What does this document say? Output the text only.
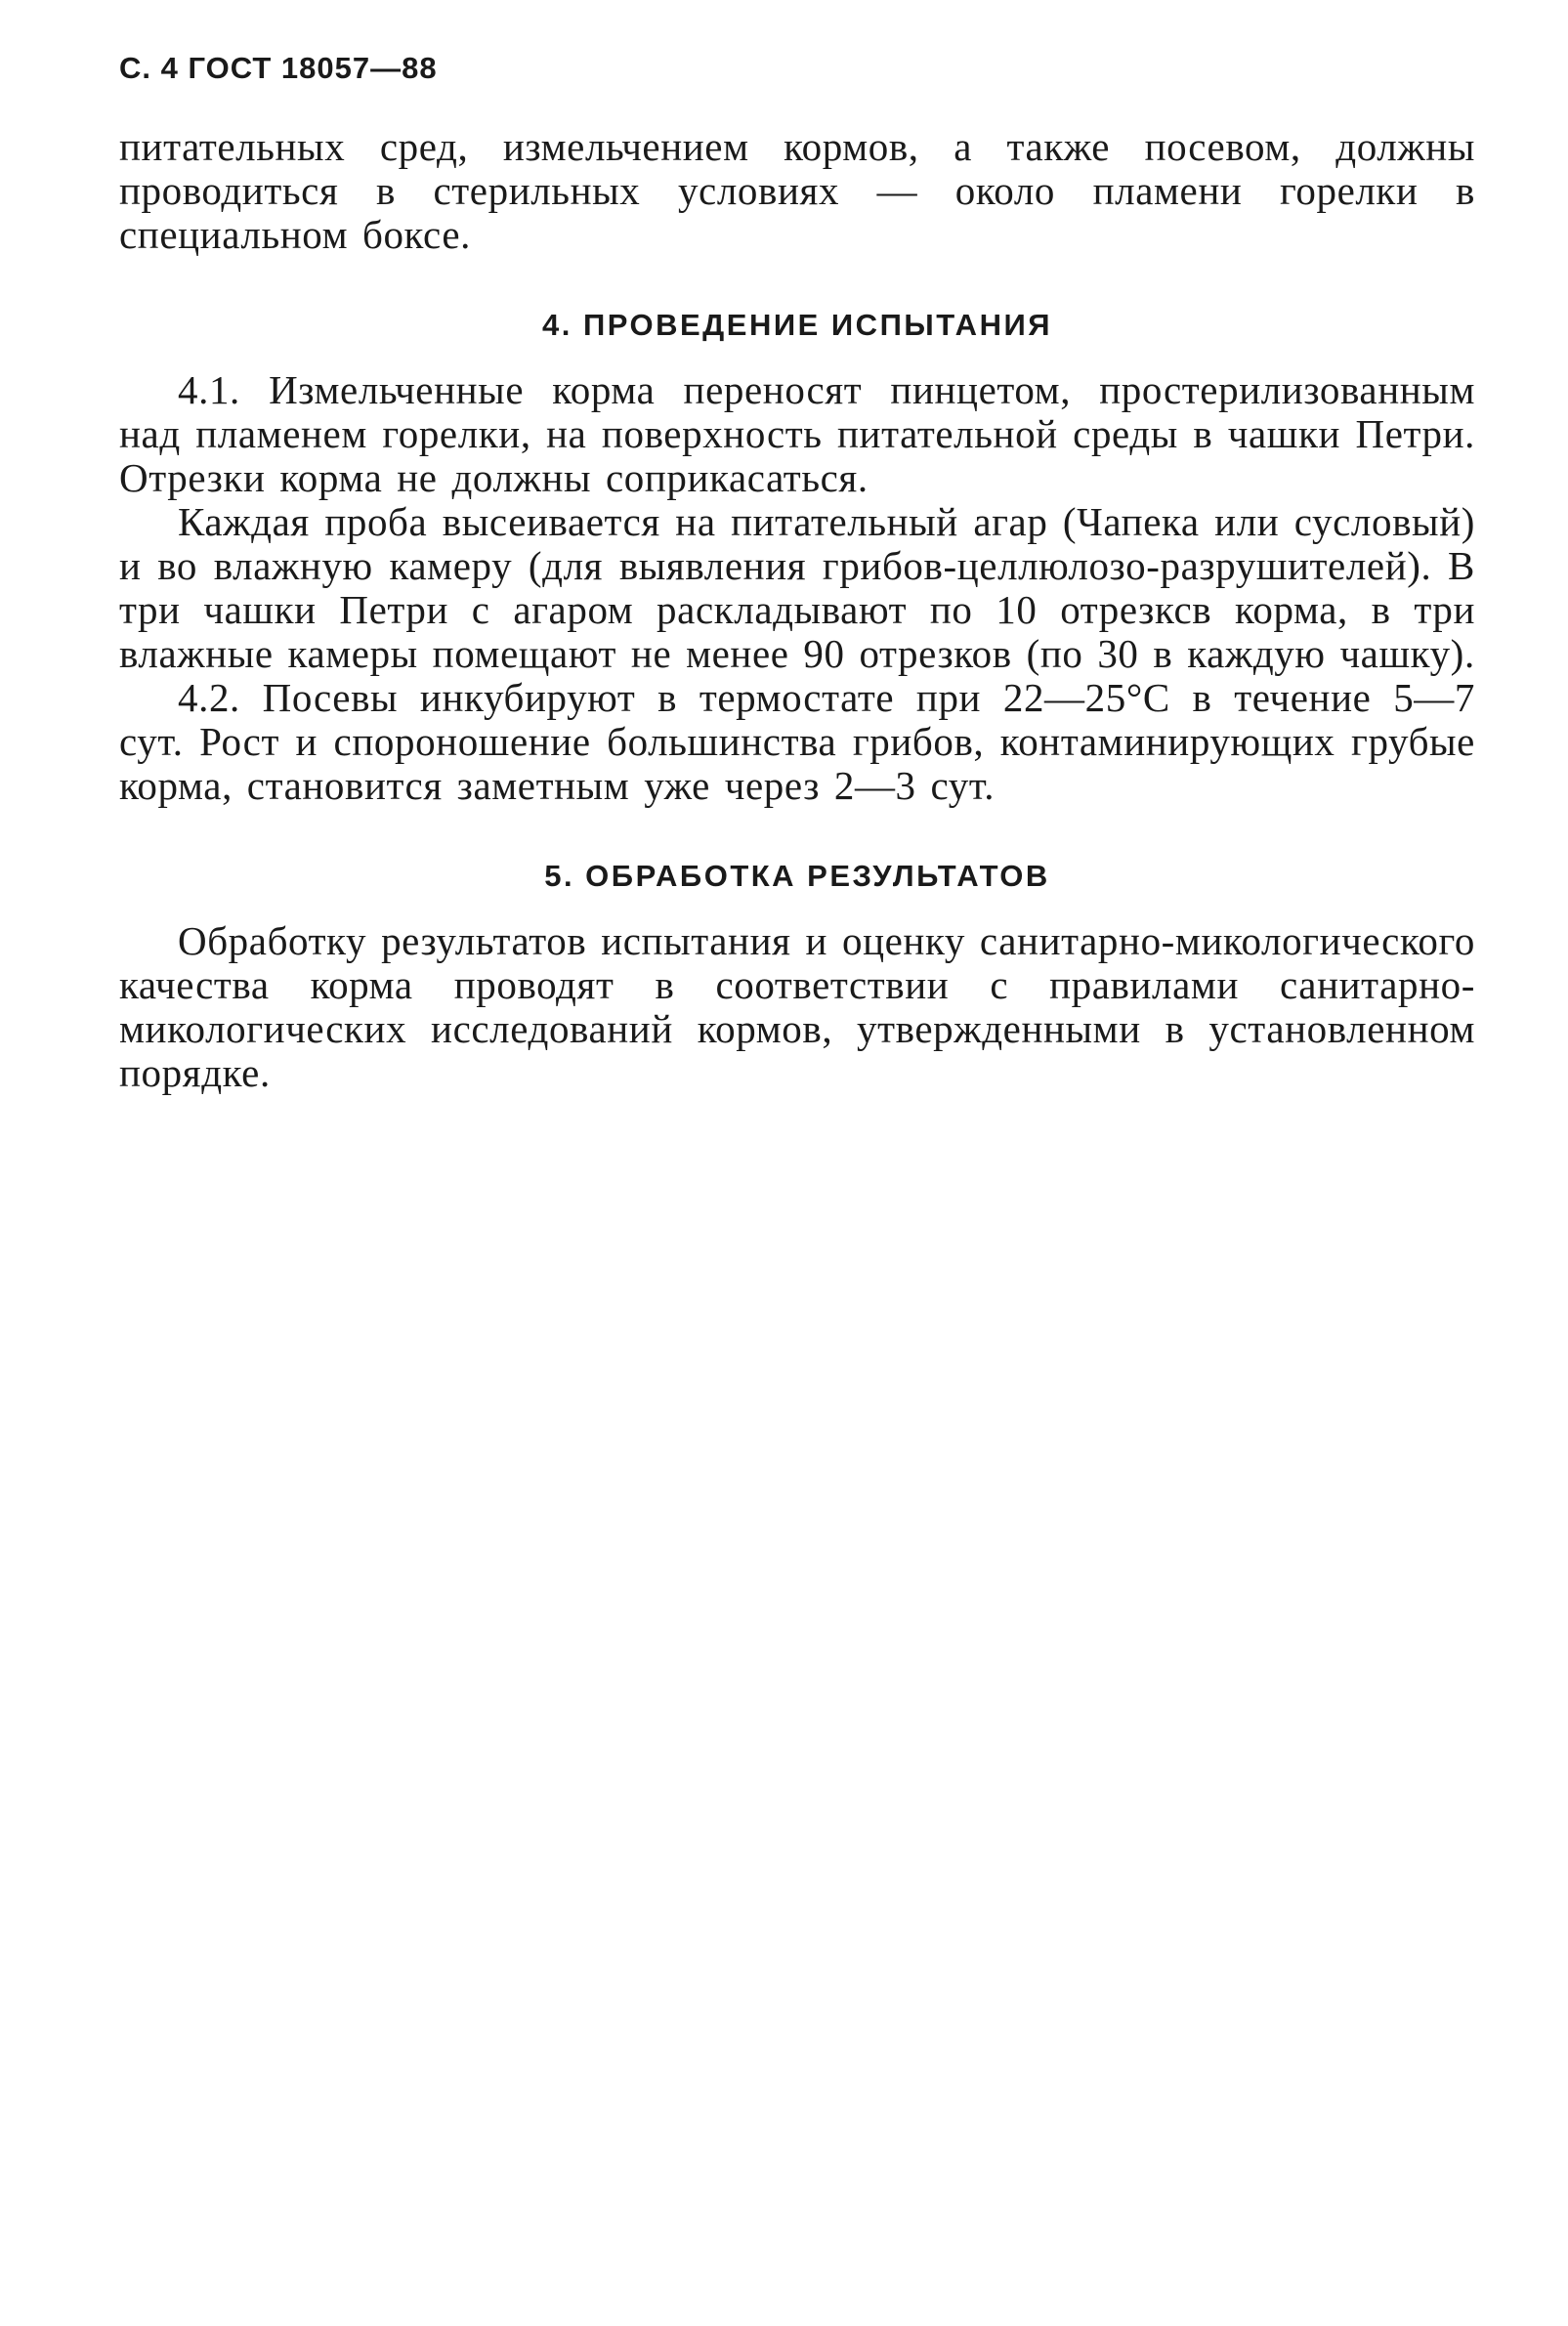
С. 4 ГОСТ 18057—88

питательных сред, измельчением кормов, а также посевом, должны проводиться в стерильных условиях — около пламени горелки в специальном боксе.

4. ПРОВЕДЕНИЕ ИСПЫТАНИЯ

4.1. Измельченные корма переносят пинцетом, простерилизованным над пламенем горелки, на поверхность питательной среды в чашки Петри. Отрезки корма не должны соприкасаться.

Каждая проба высеивается на питательный агар (Чапека или сусловый) и во влажную камеру (для выявления грибов-целлюлозо-разрушителей). В три чашки Петри с агаром раскладывают по 10 отрезксв корма, в три влажные камеры помещают не менее 90 отрезков (по 30 в каждую чашку).

4.2. Посевы инкубируют в термостате при 22—25°С в течение 5—7 сут. Рост и спороношение большинства грибов, контаминирующих грубые корма, становится заметным уже через 2—3 сут.

5. ОБРАБОТКА РЕЗУЛЬТАТОВ

Обработку результатов испытания и оценку санитарно-микологического качества корма проводят в соответствии с правилами санитарно-микологических исследований кормов, утвержденными в установленном порядке.
